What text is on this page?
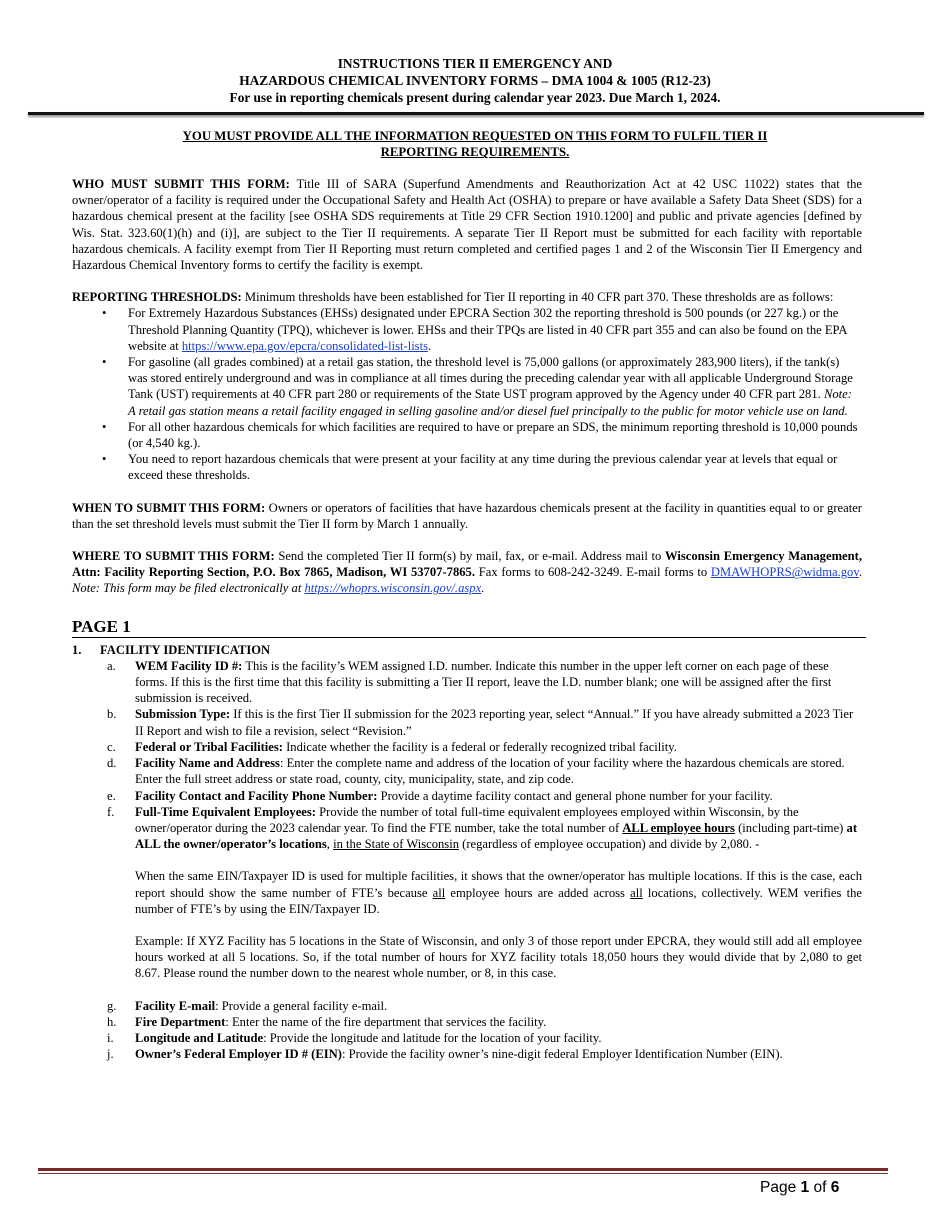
INSTRUCTIONS TIER II EMERGENCY AND
HAZARDOUS CHEMICAL INVENTORY FORMS – DMA 1004 & 1005 (R12-23)
For use in reporting chemicals present during calendar year 2023. Due March 1, 2024.
YOU MUST PROVIDE ALL THE INFORMATION REQUESTED ON THIS FORM TO FULFIL TIER II
REPORTING REQUIREMENTS.

WHO MUST SUBMIT THIS FORM: Title III of SARA (Superfund Amendments and Reauthorization Act at 42 USC 11022) states that the owner/operator of a facility is required under the Occupational Safety and Health Act (OSHA) to prepare or have available a Safety Data Sheet (SDS) for a hazardous chemical present at the facility [see OSHA SDS requirements at Title 29 CFR Section 1910.1200] and public and private agencies [defined by Wis. Stat. 323.60(1)(h) and (i)], are subject to the Tier II requirements. A separate Tier II Report must be submitted for each facility with reportable hazardous chemicals. A facility exempt from Tier II Reporting must return completed and certified pages 1 and 2 of the Wisconsin Tier II Emergency and Hazardous Chemical Inventory forms to certify the facility is exempt.

REPORTING THRESHOLDS: Minimum thresholds have been established for Tier II reporting in 40 CFR part 370. These thresholds are as follows:

• For Extremely Hazardous Substances (EHSs) designated under EPCRA Section 302 the reporting threshold is 500 pounds (or 227 kg.) or the Threshold Planning Quantity (TPQ), whichever is lower. EHSs and their TPQs are listed in 40 CFR part 355 and can also be found on the EPA website at https://www.epa.gov/epcra/consolidated-list-lists.
• For gasoline (all grades combined) at a retail gas station, the threshold level is 75,000 gallons (or approximately 283,900 liters), if the tank(s) was stored entirely underground and was in compliance at all times during the preceding calendar year with all applicable Underground Storage Tank (UST) requirements at 40 CFR part 280 or requirements of the State UST program approved by the Agency under 40 CFR part 281. Note: A retail gas station means a retail facility engaged in selling gasoline and/or diesel fuel principally to the public for motor vehicle use on land.
• For all other hazardous chemicals for which facilities are required to have or prepare an SDS, the minimum reporting threshold is 10,000 pounds (or 4,540 kg.).
• You need to report hazardous chemicals that were present at your facility at any time during the previous calendar year at levels that equal or exceed these thresholds.

WHEN TO SUBMIT THIS FORM: Owners or operators of facilities that have hazardous chemicals present at the facility in quantities equal to or greater than the set threshold levels must submit the Tier II form by March 1 annually.

WHERE TO SUBMIT THIS FORM: Send the completed Tier II form(s) by mail, fax, or e-mail. Address mail to Wisconsin Emergency Management, Attn: Facility Reporting Section, P.O. Box 7865, Madison, WI 53707-7865. Fax forms to 608-242-3249. E-mail forms to DMAWHOPRS@widma.gov. Note: This form may be filed electronically at https://whoprs.wisconsin.gov/.aspx.

PAGE 1
1. FACILITY IDENTIFICATION
a. WEM Facility ID #: This is the facility’s WEM assigned I.D. number. Indicate this number in the upper left corner on each page of these forms. If this is the first time that this facility is submitting a Tier II report, leave the I.D. number blank; one will be assigned after the first submission is received.
b. Submission Type: If this is the first Tier II submission for the 2023 reporting year, select “Annual.” If you have already submitted a 2023 Tier II Report and wish to file a revision, select “Revision.”
c. Federal or Tribal Facilities: Indicate whether the facility is a federal or federally recognized tribal facility.
d. Facility Name and Address: Enter the complete name and address of the location of your facility where the hazardous chemicals are stored. Enter the full street address or state road, county, city, municipality, state, and zip code.
e. Facility Contact and Facility Phone Number: Provide a daytime facility contact and general phone number for your facility.
f. Full-Time Equivalent Employees: Provide the number of total full-time equivalent employees employed within Wisconsin, by the owner/operator during the 2023 calendar year. To find the FTE number, take the total number of ALL employee hours (including part-time) at ALL the owner/operator’s locations, in the State of Wisconsin (regardless of employee occupation) and divide by 2,080. -

When the same EIN/Taxpayer ID is used for multiple facilities, it shows that the owner/operator has multiple locations. If this is the case, each report should show the same number of FTE’s because all employee hours are added across all locations, collectively. WEM verifies the number of FTE’s by using the EIN/Taxpayer ID.

Example: If XYZ Facility has 5 locations in the State of Wisconsin, and only 3 of those report under EPCRA, they would still add all employee hours worked at all 5 locations. So, if the total number of hours for XYZ facility totals 18,050 hours they would divide that by 2,080 to get 8.67. Please round the number down to the nearest whole number, or 8, in this case.

g. Facility E-mail: Provide a general facility e-mail.
h. Fire Department: Enter the name of the fire department that services the facility.
i. Longitude and Latitude: Provide the longitude and latitude for the location of your facility.
j. Owner’s Federal Employer ID # (EIN): Provide the facility owner’s nine-digit federal Employer Identification Number (EIN).
Page 1 of 6
